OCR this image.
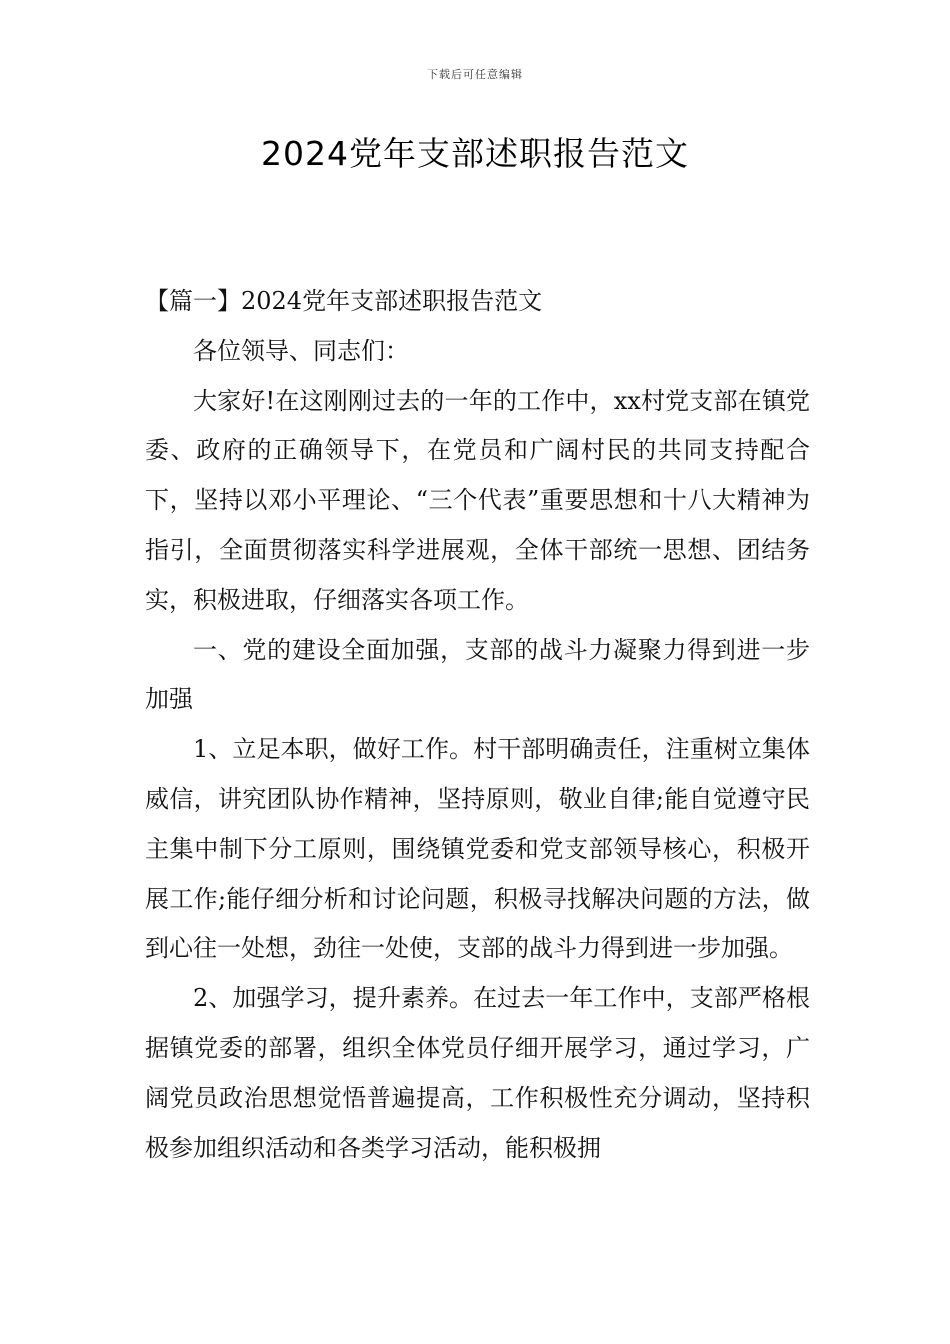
下载后可任意编辑
2024党年支部述职报告范文

【篇一】2024党年支部述职报告范文

各位领导、同志们：

大家好!在这刚刚过去的一年的工作中，xx村党支部在镇党委、政府的正确领导下，在党员和广阔村民的共同支持配合下，坚持以邓小平理论、“三个代表”重要思想和十八大精神为指引，全面贯彻落实科学进展观，全体干部统一思想、团结务实，积极进取，仔细落实各项工作。

一、党的建设全面加强，支部的战斗力凝聚力得到进一步加强

1、立足本职，做好工作。村干部明确责任，注重树立集体威信，讲究团队协作精神，坚持原则，敬业自律;能自觉遵守民主集中制下分工原则，围绕镇党委和党支部领导核心，积极开展工作;能仔细分析和讨论问题，积极寻找解决问题的方法，做到心往一处想，劲往一处使，支部的战斗力得到进一步加强。

2、加强学习，提升素养。在过去一年工作中，支部严格根据镇党委的部署，组织全体党员仔细开展学习，通过学习，广阔党员政治思想觉悟普遍提高，工作积极性充分调动，坚持积极参加组织活动和各类学习活动，能积极拥
